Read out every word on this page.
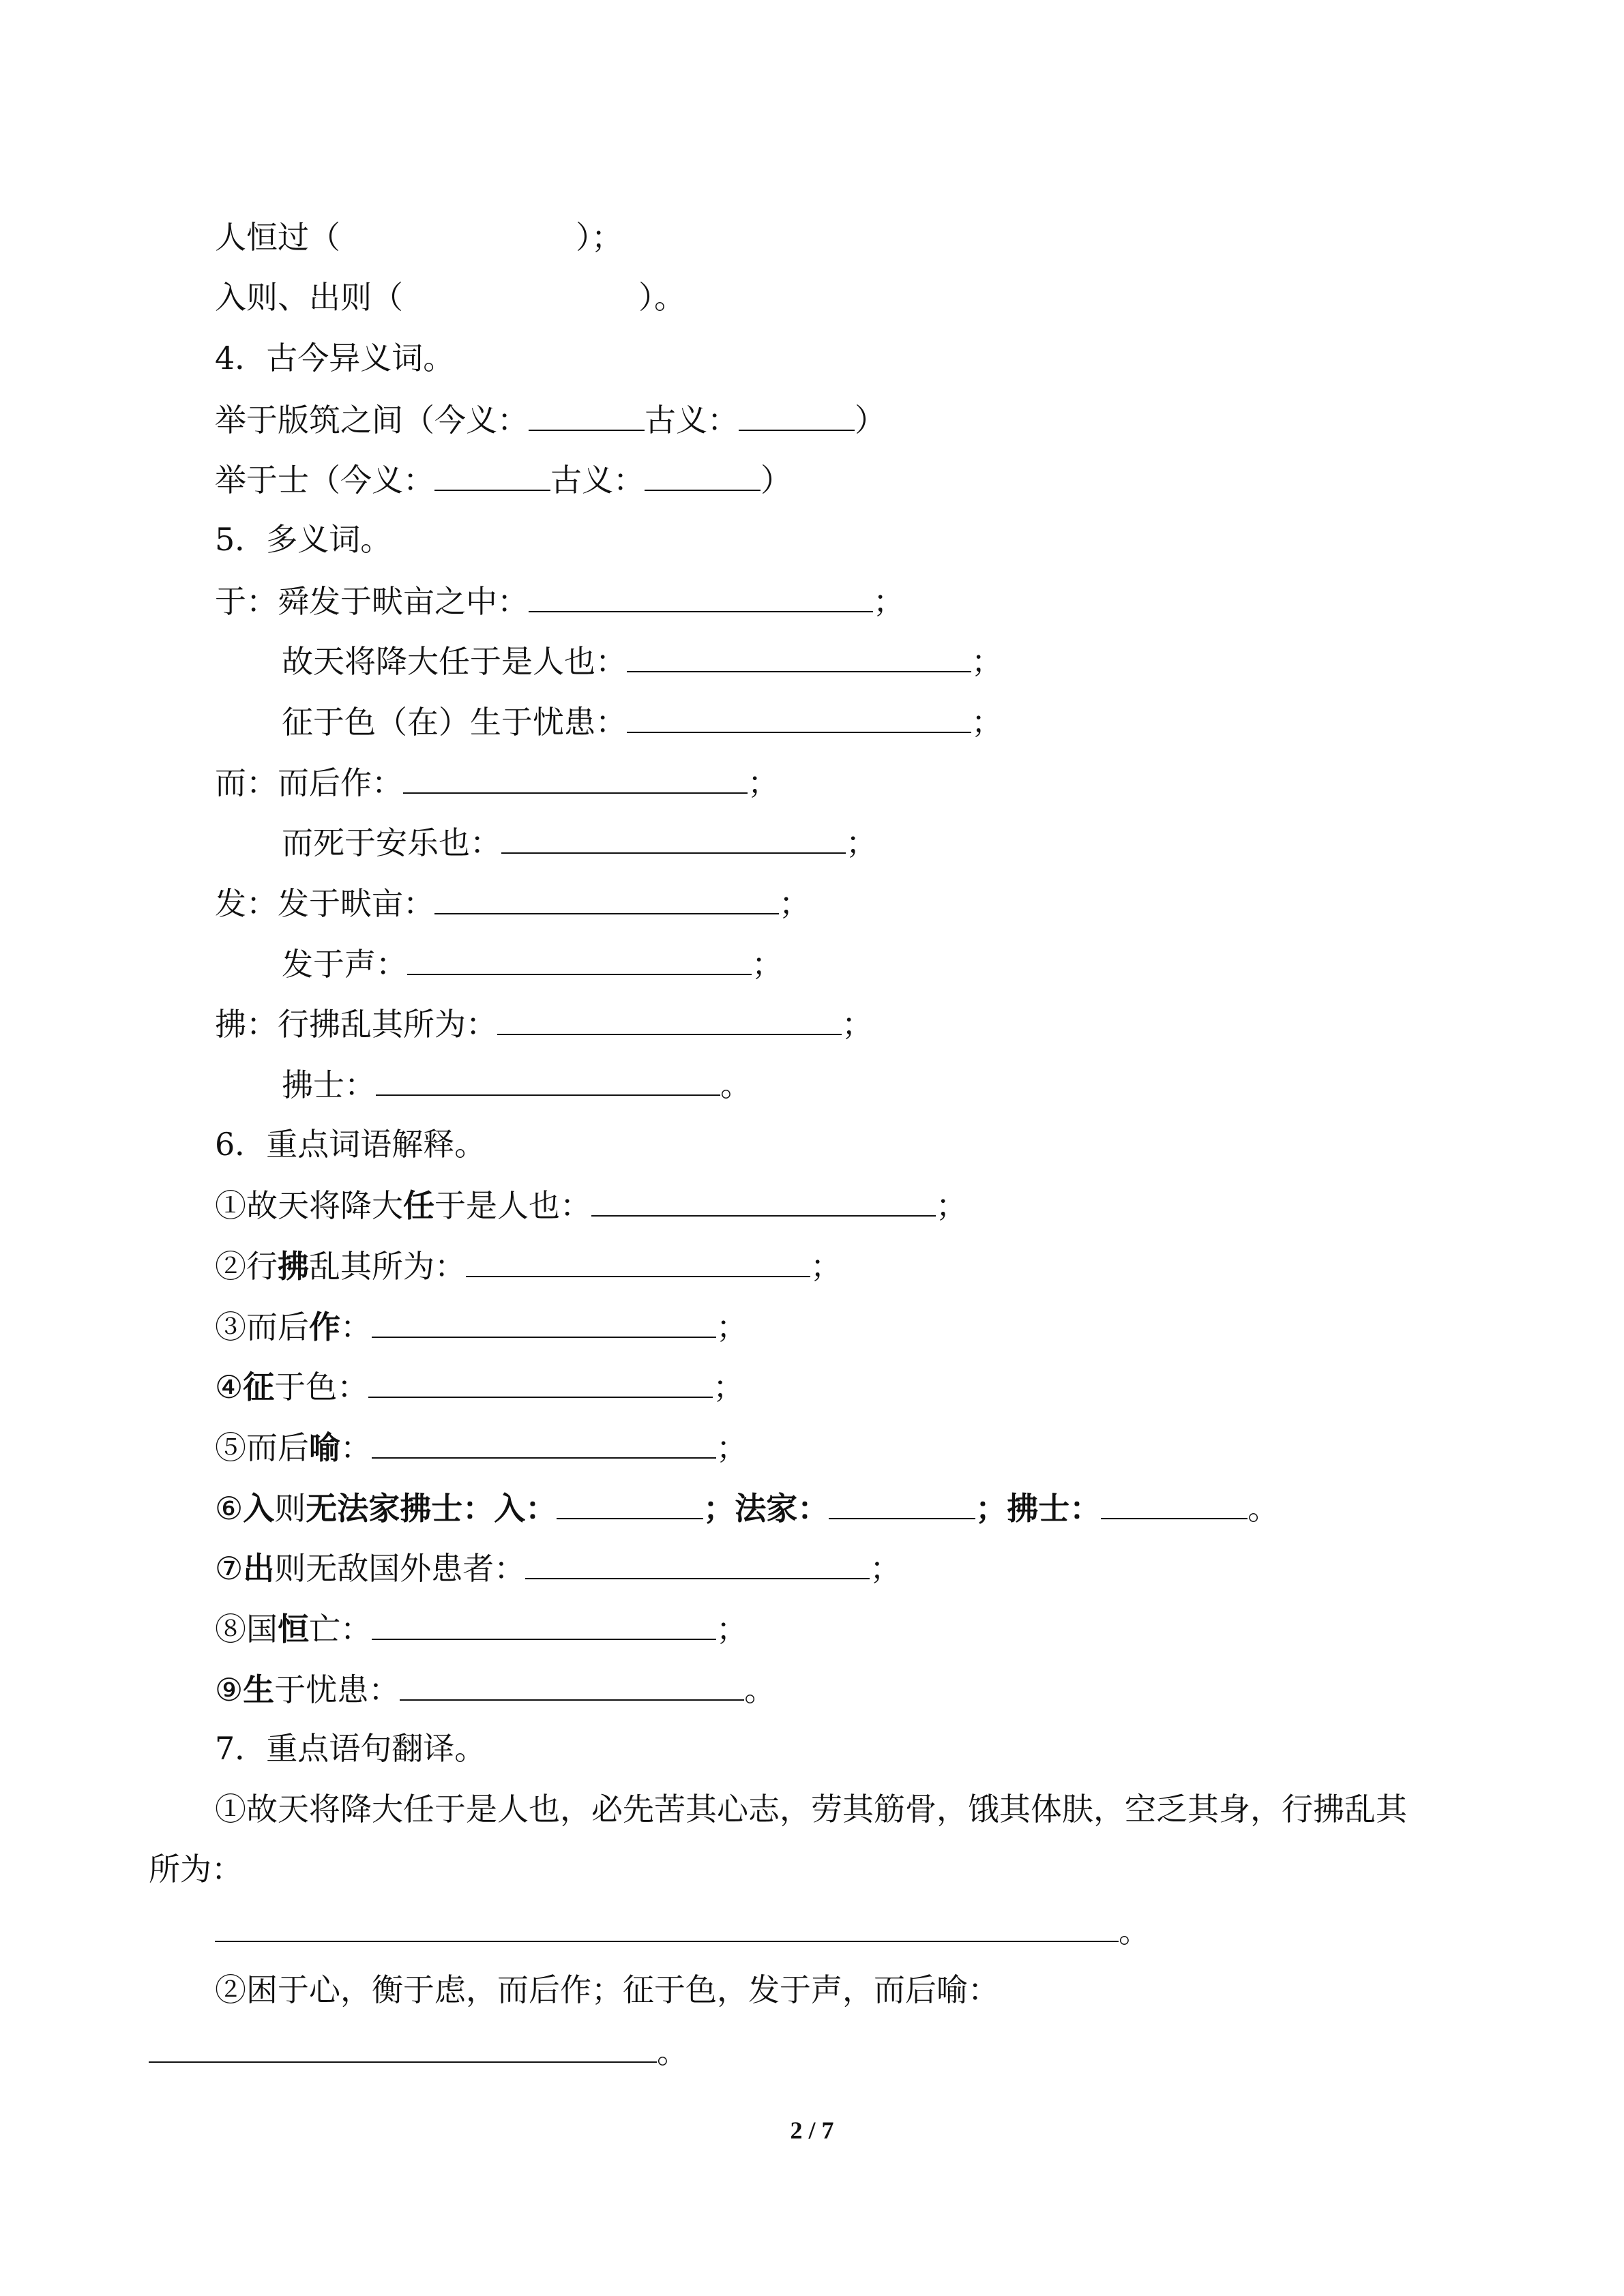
人恒过（	）；
入则、出则（	）。
4．古今异义词。
举于版筑之间（今义：	古义：	）
举于士（今义：	古义：	）
5．多义词。
于：舜发于畎亩之中：	；
故天将降大任于是人也：	；
征于色（在）生于忧患：	；
而：而后作：	；
而死于安乐也：	；
发：发于畎亩：	；
发于声：	；
拂：行拂乱其所为：	；
拂士：	。
6．重点词语解释。
①故天将降大任于是人也：	；
②行拂乱其所为：	；
③而后作：	；
④征于色：	；
⑤而后喻：	；
⑥入则无法家拂士：入：	；法家：	；拂士：	。
⑦出则无敌国外患者：	；
⑧国恒亡：	；
⑨生于忧患：	。
7．重点语句翻译。
①故天将降大任于是人也，必先苦其心志，劳其筋骨，饿其体肤，空乏其身，行拂乱其
所为：
。
②困于心，衡于虑，而后作；征于色，发于声，而后喻：
。
2 / 7
